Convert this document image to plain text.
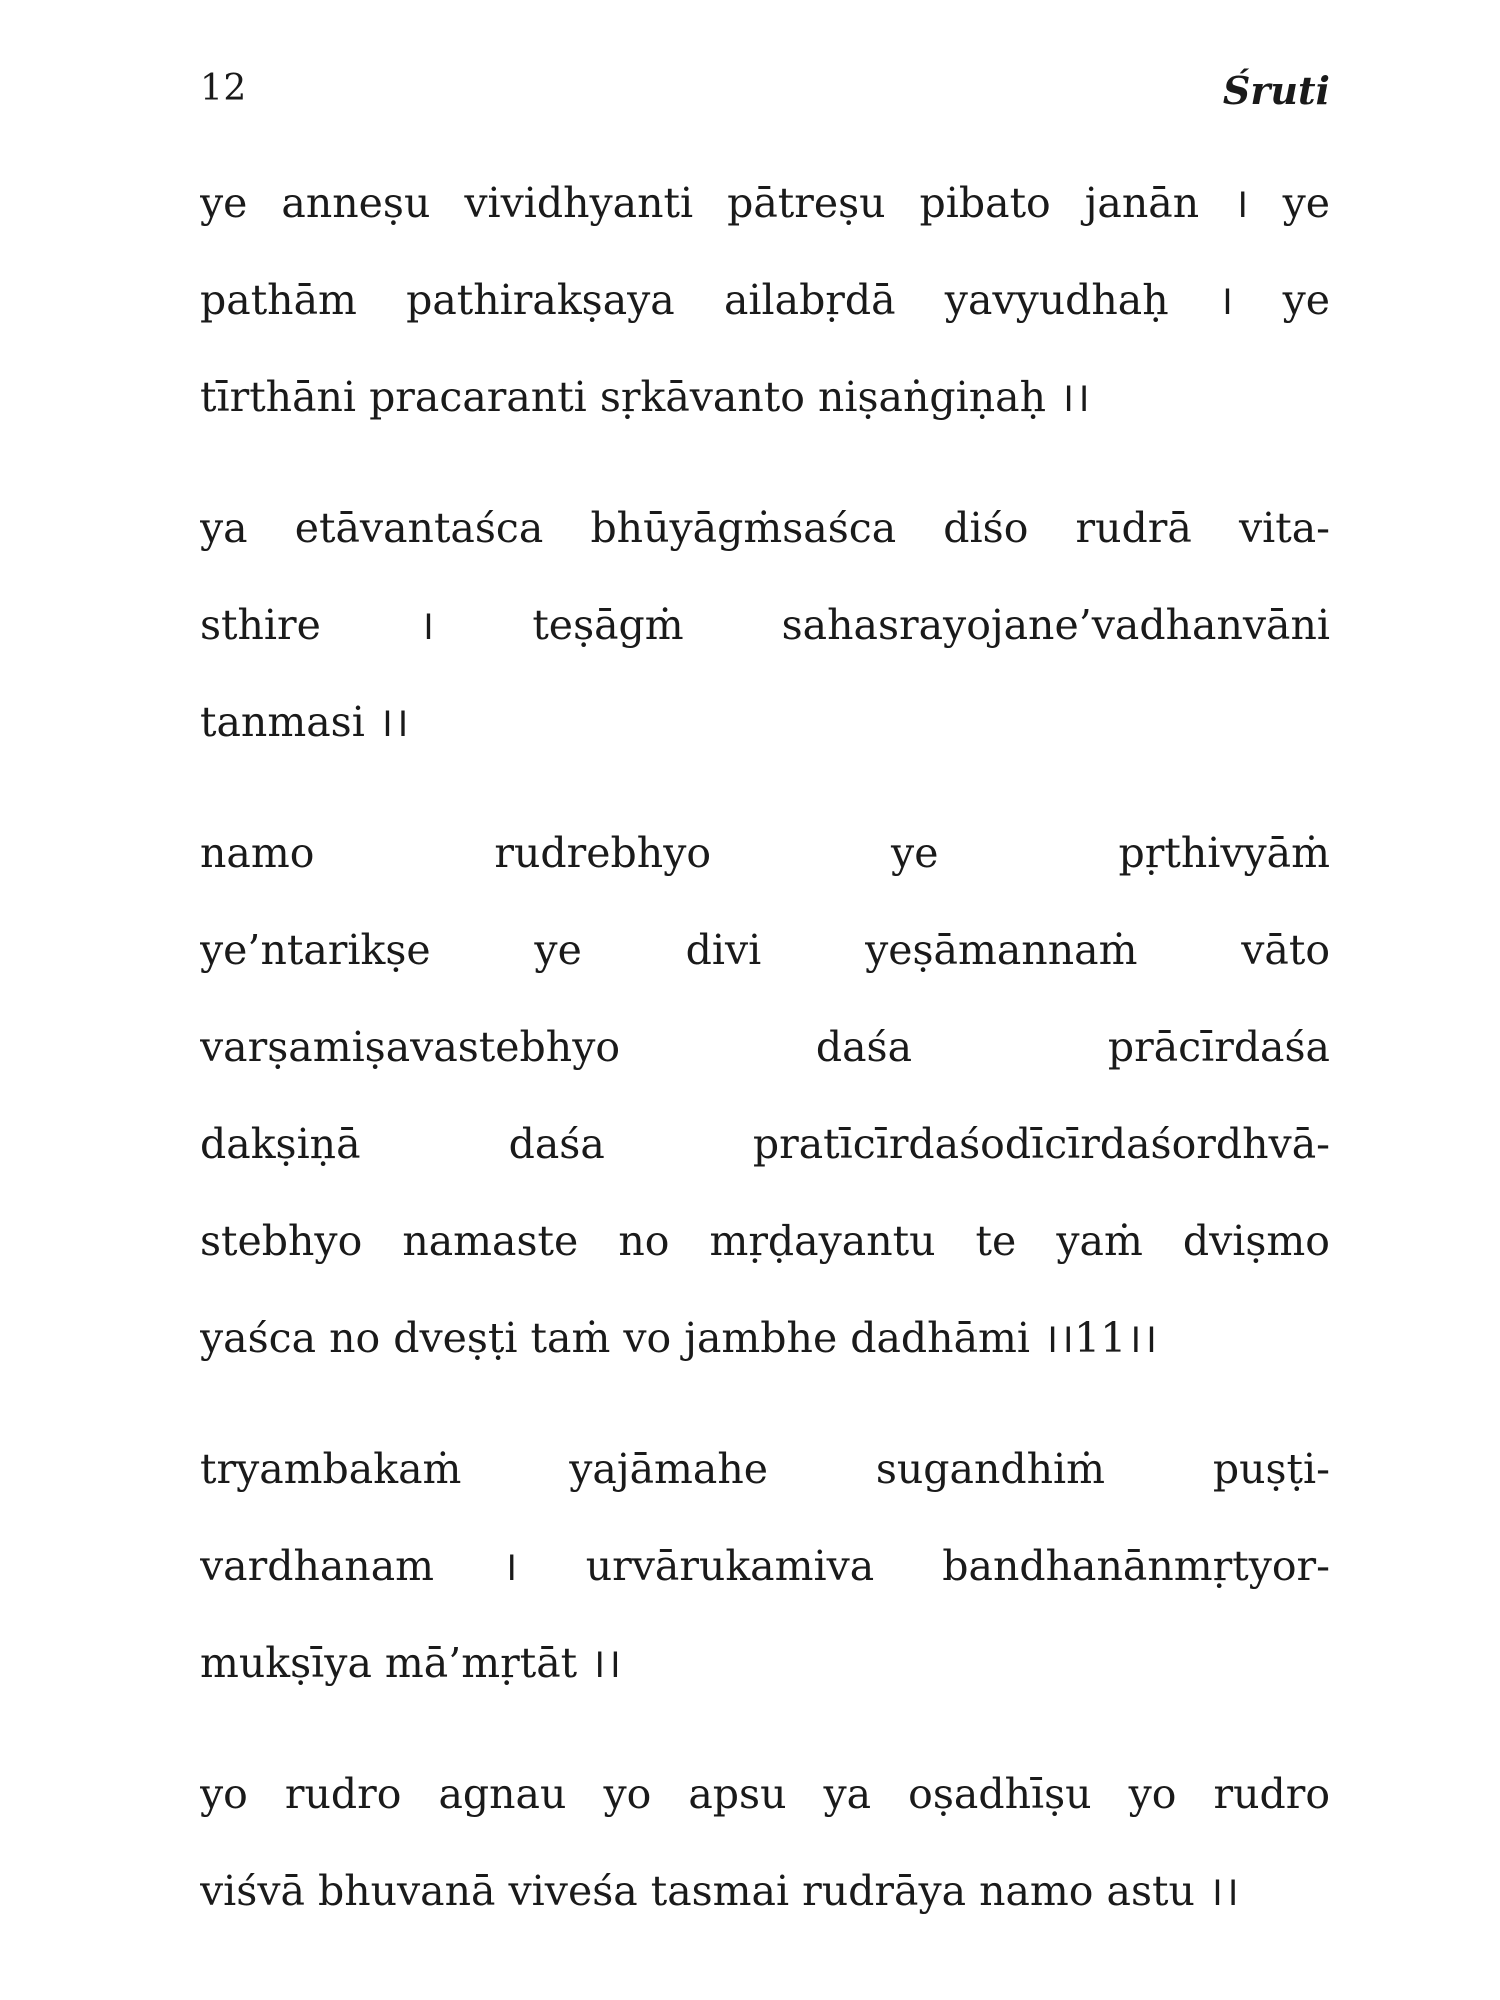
12	Śruti
ye anneṣu vividhyanti pātreṣu pibato janān । ye
pathām pathirakṣaya ailabṛdā yavyudhaḥ । ye
tīrthāni pracaranti sṛkāvanto niṣaṅgiṇaḥ ।।
ya etāvantaśca bhūyāgṁsaśca diśo rudrā vita-
sthire । teṣāgṁ sahasrayojane’vadhanvāni
tanmasi ।।
namo rudrebhyo ye pṛthivyāṁ
ye’ntarikṣe ye divi yeṣāmannaṁ vāto
varṣamiṣavastebhyo daśa prācīrdaśa
dakṣiṇā daśa pratīcīrdaśodīcīrdaśordhvā-
stebhyo namaste no mṛḍayantu te yaṁ dviṣmo
yaśca no dveṣṭi taṁ vo jambhe dadhāmi ।।11।।
tryambakaṁ yajāmahe sugandhiṁ puṣṭi-
vardhanam । urvārukamiva bandhanānmṛtyor-
mukṣīya mā’mṛtāt ।।
yo rudro agnau yo apsu ya oṣadhīṣu yo rudro
viśvā bhuvanā viveśa tasmai rudrāya namo astu ।।
